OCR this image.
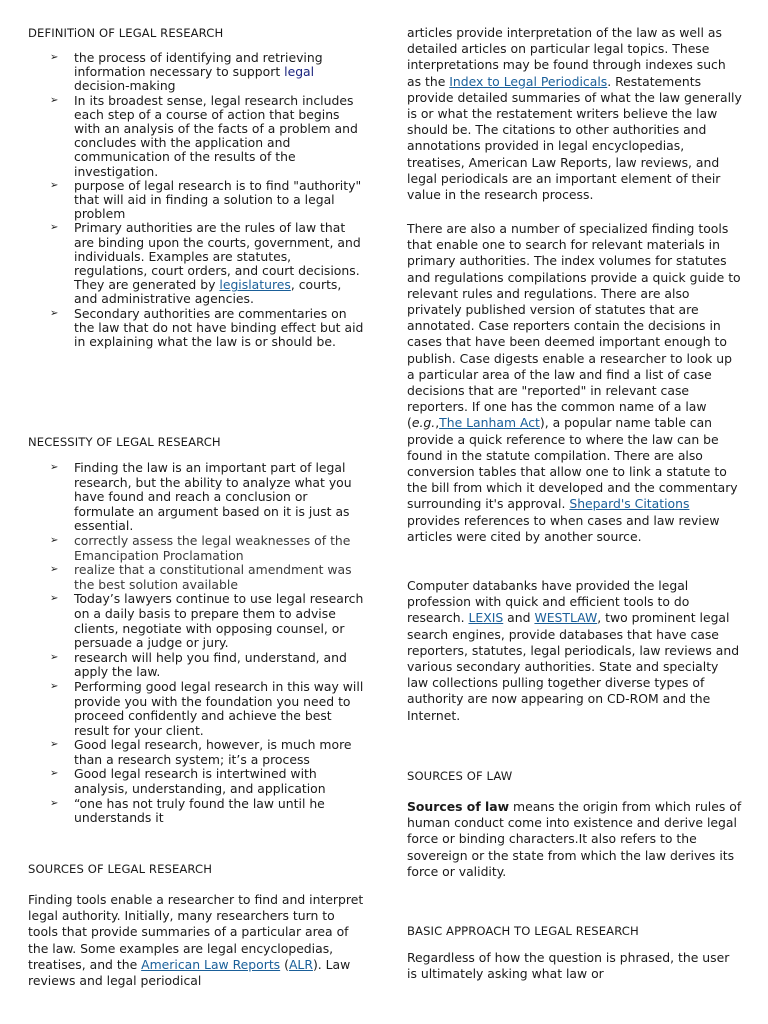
DEFINITiON OF LEGAL RESEARCH
➢ the process of identifying and retrieving information necessary to support legal decision-making
➢ In its broadest sense, legal research includes each step of a course of action that begins with an analysis of the facts of a problem and concludes with the application and communication of the results of the investigation.
➢ purpose of legal research is to find "authority" that will aid in finding a solution to a legal problem
➢ Primary authorities are the rules of law that are binding upon the courts, government, and individuals. Examples are statutes, regulations, court orders, and court decisions. They are generated by legislatures, courts, and administrative agencies.
➢ Secondary authorities are commentaries on the law that do not have binding effect but aid in explaining what the law is or should be.
NECESSITY OF LEGAL RESEARCH
➢ Finding the law is an important part of legal research, but the ability to analyze what you have found and reach a conclusion or formulate an argument based on it is just as essential.
➢ correctly assess the legal weaknesses of the Emancipation Proclamation
➢ realize that a constitutional amendment was the best solution available
➢ Today’s lawyers continue to use legal research on a daily basis to prepare them to advise clients, negotiate with opposing counsel, or persuade a judge or jury.
➢ research will help you find, understand, and apply the law.
➢ Performing good legal research in this way will provide you with the foundation you need to proceed confidently and achieve the best result for your client.
➢ Good legal research, however, is much more than a research system; it’s a process
➢ Good legal research is intertwined with analysis, understanding, and application
➢ “one has not truly found the law until he understands it
SOURCES OF LEGAL RESEARCH

Finding tools enable a researcher to find and interpret legal authority. Initially, many researchers turn to tools that provide summaries of a particular area of the law. Some examples are legal encyclopedias, treatises, and the American Law Reports (ALR). Law reviews and legal periodical

articles provide interpretation of the law as well as detailed articles on particular legal topics. These interpretations may be found through indexes such as the Index to Legal Periodicals. Restatements provide detailed summaries of what the law generally is or what the restatement writers believe the law should be. The citations to other authorities and annotations provided in legal encyclopedias, treatises, American Law Reports, law reviews, and legal periodicals are an important element of their value in the research process.

There are also a number of specialized finding tools that enable one to search for relevant materials in primary authorities. The index volumes for statutes and regulations compilations provide a quick guide to relevant rules and regulations. There are also privately published version of statutes that are annotated. Case reporters contain the decisions in cases that have been deemed important enough to publish. Case digests enable a researcher to look up a particular area of the law and find a list of case decisions that are "reported" in relevant case reporters. If one has the common name of a law (e.g.,The Lanham Act), a popular name table can provide a quick reference to where the law can be found in the statute compilation. There are also conversion tables that allow one to link a statute to the bill from which it developed and the commentary surrounding it's approval. Shepard's Citations provides references to when cases and law review articles were cited by another source.

Computer databanks have provided the legal profession with quick and efficient tools to do research. LEXIS and WESTLAW, two prominent legal search engines, provide databases that have case reporters, statutes, legal periodicals, law reviews and various secondary authorities. State and specialty law collections pulling together diverse types of authority are now appearing on CD-ROM and the Internet.

SOURCES OF LAW

Sources of law means the origin from which rules of human conduct come into existence and derive legal force or binding characters.It also refers to the sovereign or the state from which the law derives its force or validity.

BASIC APPROACH TO LEGAL RESEARCH

Regardless of how the question is phrased, the user is ultimately asking what law or
